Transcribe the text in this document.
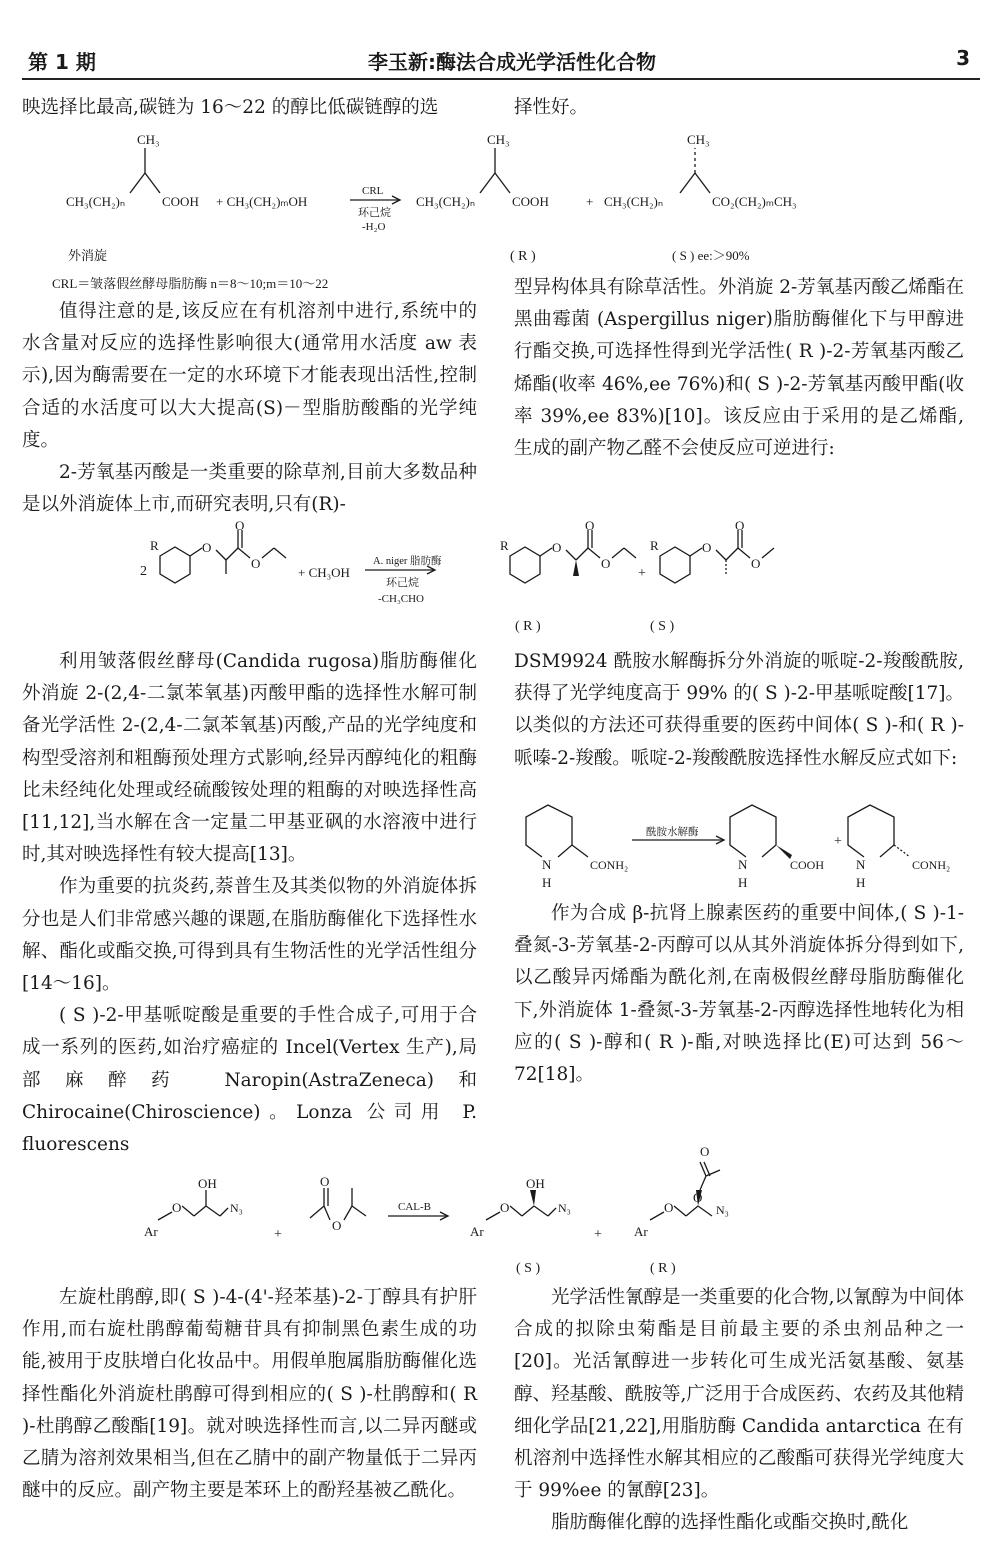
第 1 期	李玉新:酶法合成光学活性化合物	3
映选择比最高,碳链为 16～22 的醇比低碳链醇的选	择性好。
CH₃	CH₃	CH₃
CH₃(CH₂)ₙ	COOH + CH₃(CH₂)ₘOH
CRL
环己烷
-H₂O
CH₃(CH₂)ₙ	COOH	+ CH₃(CH₂)ₙ	CO₂(CH₂)ₘCH₃
外消旋	( R )	( S ) ee:＞90%
CRL＝皱落假丝酵母脂肪酶 n＝8～10;m＝10～22

值得注意的是,该反应在有机溶剂中进行,系统中的水含量对反应的选择性影响很大(通常用水活度 aw 表示),因为酶需要在一定的水环境下才能表现出活性,控制合适的水活度可以大大提高(S)－型脂肪酸酯的光学纯度。

2-芳氧基丙酸是一类重要的除草剂,目前大多数品种是以外消旋体上市,而研究表明,只有(R)-

型异构体具有除草活性。外消旋 2-芳氧基丙酸乙烯酯在黑曲霉菌 (Aspergillus niger)脂肪酶催化下与甲醇进行酯交换,可选择性得到光学活性( R )-2-芳氧基丙酸乙烯酯(收率 46%,ee 76%)和( S )-2-芳氧基丙酸甲酯(收率 39%,ee 83%)[10]。该反应由于采用的是乙烯酯,生成的副产物乙醛不会使反应可逆进行:

2
R	O
O
O
+ CH₃OH
A. niger 脂肪酶
环己烷
-CH₃CHO
R	O
O
O
+
R	O
O
O
( R )	( S )

利用皱落假丝酵母(Candida rugosa)脂肪酶催化外消旋 2-(2,4-二氯苯氧基)丙酸甲酯的选择性水解可制备光学活性 2-(2,4-二氯苯氧基)丙酸,产品的光学纯度和构型受溶剂和粗酶预处理方式影响,经异丙醇纯化的粗酶比未经纯化处理或经硫酸铵处理的粗酶的对映选择性高[11,12],当水解在含一定量二甲基亚砜的水溶液中进行时,其对映选择性有较大提高[13]。

作为重要的抗炎药,萘普生及其类似物的外消旋体拆分也是人们非常感兴趣的课题,在脂肪酶催化下选择性水解、酯化或酯交换,可得到具有生物活性的光学活性组分[14～16]。

( S )-2-甲基哌啶酸是重要的手性合成子,可用于合成一系列的医药,如治疗癌症的 Incel(Vertex 生产),局部麻醉药 Naropin(AstraZeneca)和 Chirocaine(Chiroscience)。Lonza 公司用 P. fluorescens

DSM9924 酰胺水解酶拆分外消旋的哌啶-2-羧酸酰胺,获得了光学纯度高于 99% 的( S )-2-甲基哌啶酸[17]。以类似的方法还可获得重要的医药中间体( S )-和( R )-哌嗪-2-羧酸。哌啶-2-羧酸酰胺选择性水解反应式如下:

N
H
CONH₂
酰胺水解酶
N
H
COOH
+
N
H
CONH₂

作为合成 β-抗肾上腺素医药的重要中间体,( S )-1-叠氮-3-芳氧基-2-丙醇可以从其外消旋体拆分得到如下,以乙酸异丙烯酯为酰化剂,在南极假丝酵母脂肪酶催化下,外消旋体 1-叠氮-3-芳氧基-2-丙醇选择性地转化为相应的( S )-醇和( R )-酯,对映选择比(E)可达到 56～72[18]。

Ar
O
OH
N₃
+
O
O
CAL-B
Ar
O
OH
N₃
+ Ar
O
O
O
N₃
( S )	( R )

左旋杜鹃醇,即( S )-4-(4'-羟苯基)-2-丁醇具有护肝作用,而右旋杜鹃醇葡萄糖苷具有抑制黑色素生成的功能,被用于皮肤增白化妆品中。用假单胞属脂肪酶催化选择性酯化外消旋杜鹃醇可得到相应的( S )-杜鹃醇和( R )-杜鹃醇乙酸酯[19]。就对映选择性而言,以二异丙醚或乙腈为溶剂效果相当,但在乙腈中的副产物量低于二异丙醚中的反应。副产物主要是苯环上的酚羟基被乙酰化。

光学活性氰醇是一类重要的化合物,以氰醇为中间体合成的拟除虫菊酯是目前最主要的杀虫剂品种之一[20]。光活氰醇进一步转化可生成光活氨基酸、氨基醇、羟基酸、酰胺等,广泛用于合成医药、农药及其他精细化学品[21,22],用脂肪酶 Candida antarctica 在有机溶剂中选择性水解其相应的乙酸酯可获得光学纯度大于 99%ee 的氰醇[23]。

脂肪酶催化醇的选择性酯化或酯交换时,酰化
